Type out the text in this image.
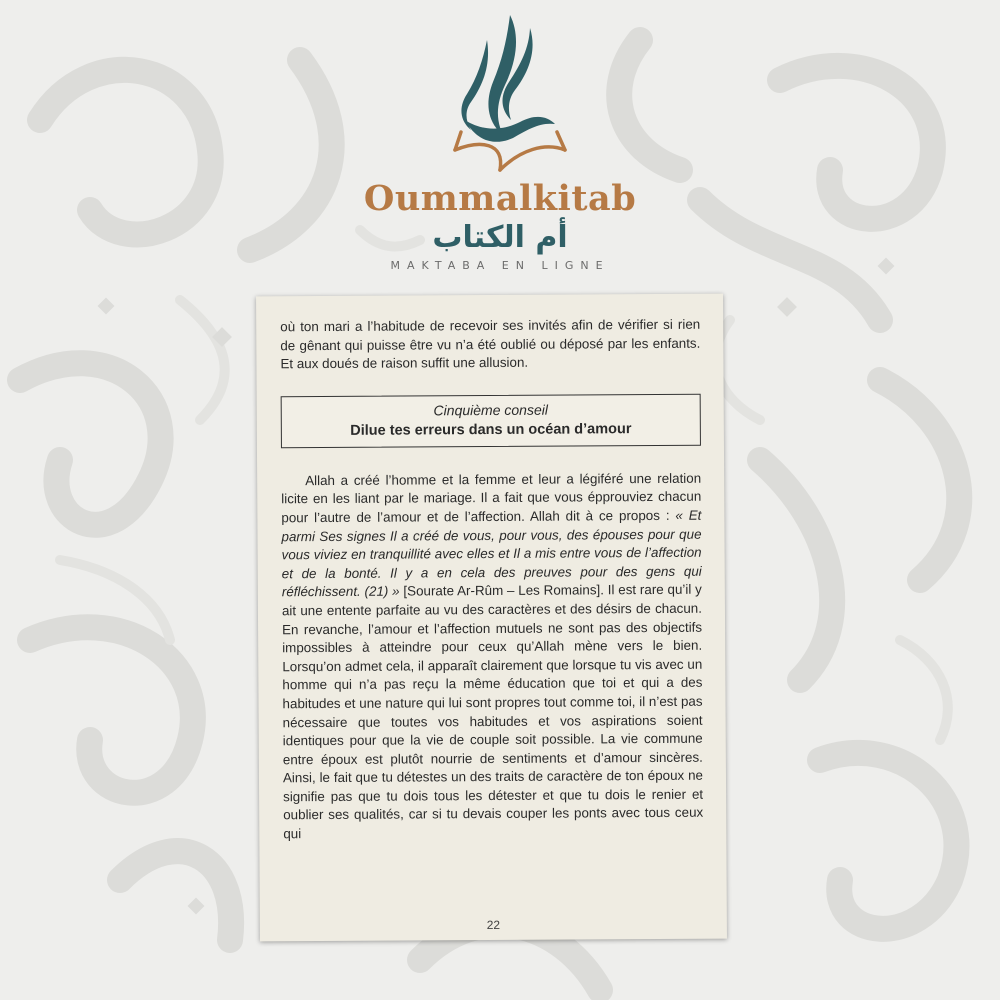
Oummalkitab
أم الكتاب
MAKTABA EN LIGNE

où ton mari a l’habitude de recevoir ses invités afin de vérifier si rien de gênant qui puisse être vu n’a été oublié ou déposé par les enfants. Et aux doués de raison suffit une allusion.

Cinquième conseil
Dilue tes erreurs dans un océan d’amour

Allah a créé l’homme et la femme et leur a légiféré une relation licite en les liant par le mariage. Il a fait que vous épprouviez chacun pour l’autre de l’amour et de l’affection. Allah dit à ce propos : « Et parmi Ses signes Il a créé de vous, pour vous, des épouses pour que vous viviez en tranquillité avec elles et Il a mis entre vous de l’affection et de la bonté. Il y a en cela des preuves pour des gens qui réfléchissent. (21) » [Sourate Ar-Rûm – Les Romains]. Il est rare qu’il y ait une entente parfaite au vu des caractères et des désirs de chacun. En revanche, l’amour et l’affection mutuels ne sont pas des objectifs impossibles à atteindre pour ceux qu’Allah mène vers le bien. Lorsqu’on admet cela, il apparaît clairement que lorsque tu vis avec un homme qui n’a pas reçu la même éducation que toi et qui a des habitudes et une nature qui lui sont propres tout comme toi, il n’est pas nécessaire que toutes vos habitudes et vos aspirations soient identiques pour que la vie de couple soit possible. La vie commune entre époux est plutôt nourrie de sentiments et d’amour sincères. Ainsi, le fait que tu détestes un des traits de caractère de ton époux ne signifie pas que tu dois tous les détester et que tu dois le renier et oublier ses qualités, car si tu devais couper les ponts avec tous ceux qui

22
